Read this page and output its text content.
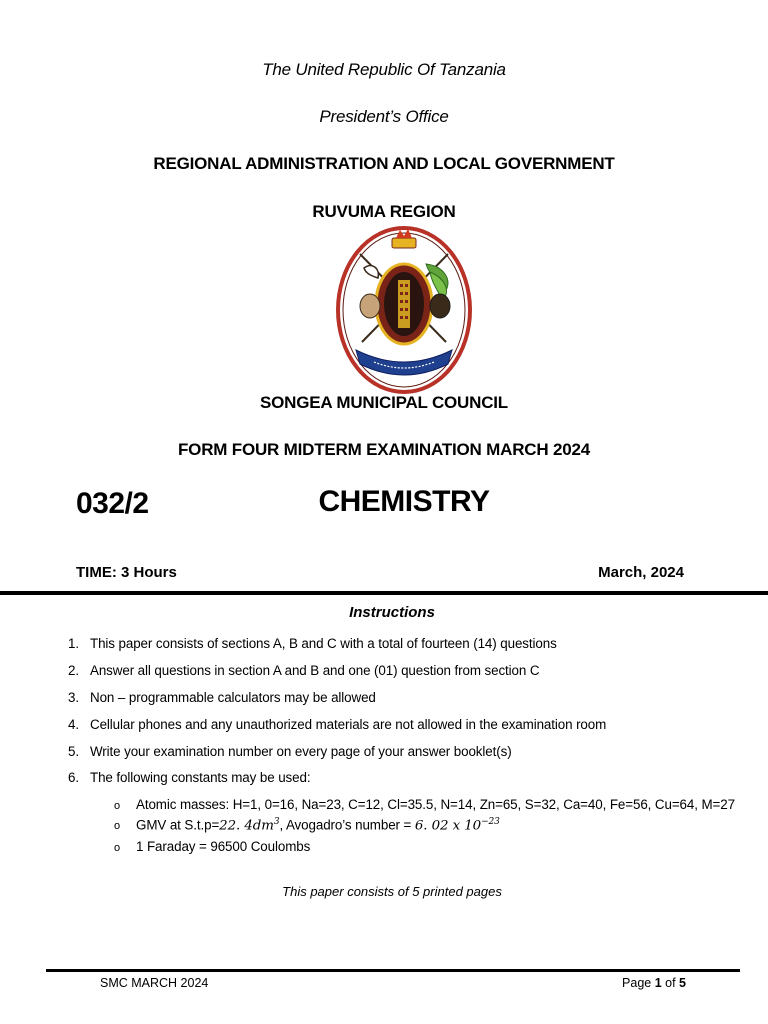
The United Republic Of Tanzania
President’s Office
REGIONAL ADMINISTRATION AND LOCAL GOVERNMENT
RUVUMA REGION
SONGEA MUNICIPAL COUNCIL
FORM FOUR MIDTERM EXAMINATION MARCH 2024
032/2	CHEMISTRY
TIME: 3 Hours	March, 2024
Instructions
1. This paper consists of sections A, B and C with a total of fourteen (14) questions
2. Answer all questions in section A and B and one (01) question from section C
3. Non – programmable calculators may be allowed
4. Cellular phones and any unauthorized materials are not allowed in the examination room
5. Write your examination number on every page of your answer booklet(s)
6. The following constants may be used:
o Atomic masses: H=1, 0=16, Na=23, C=12, Cl=35.5, N=14, Zn=65, S=32, Ca=40, Fe=56, Cu=64, M=27
o GMV at S.t.p=22. $4dm^3$, Avogadro’s number = 6. 02 x $10^{-23}$
o 1 Faraday = 96500 Coulombs
This paper consists of 5 printed pages
SMC MARCH 2024	Page 1 of 5
